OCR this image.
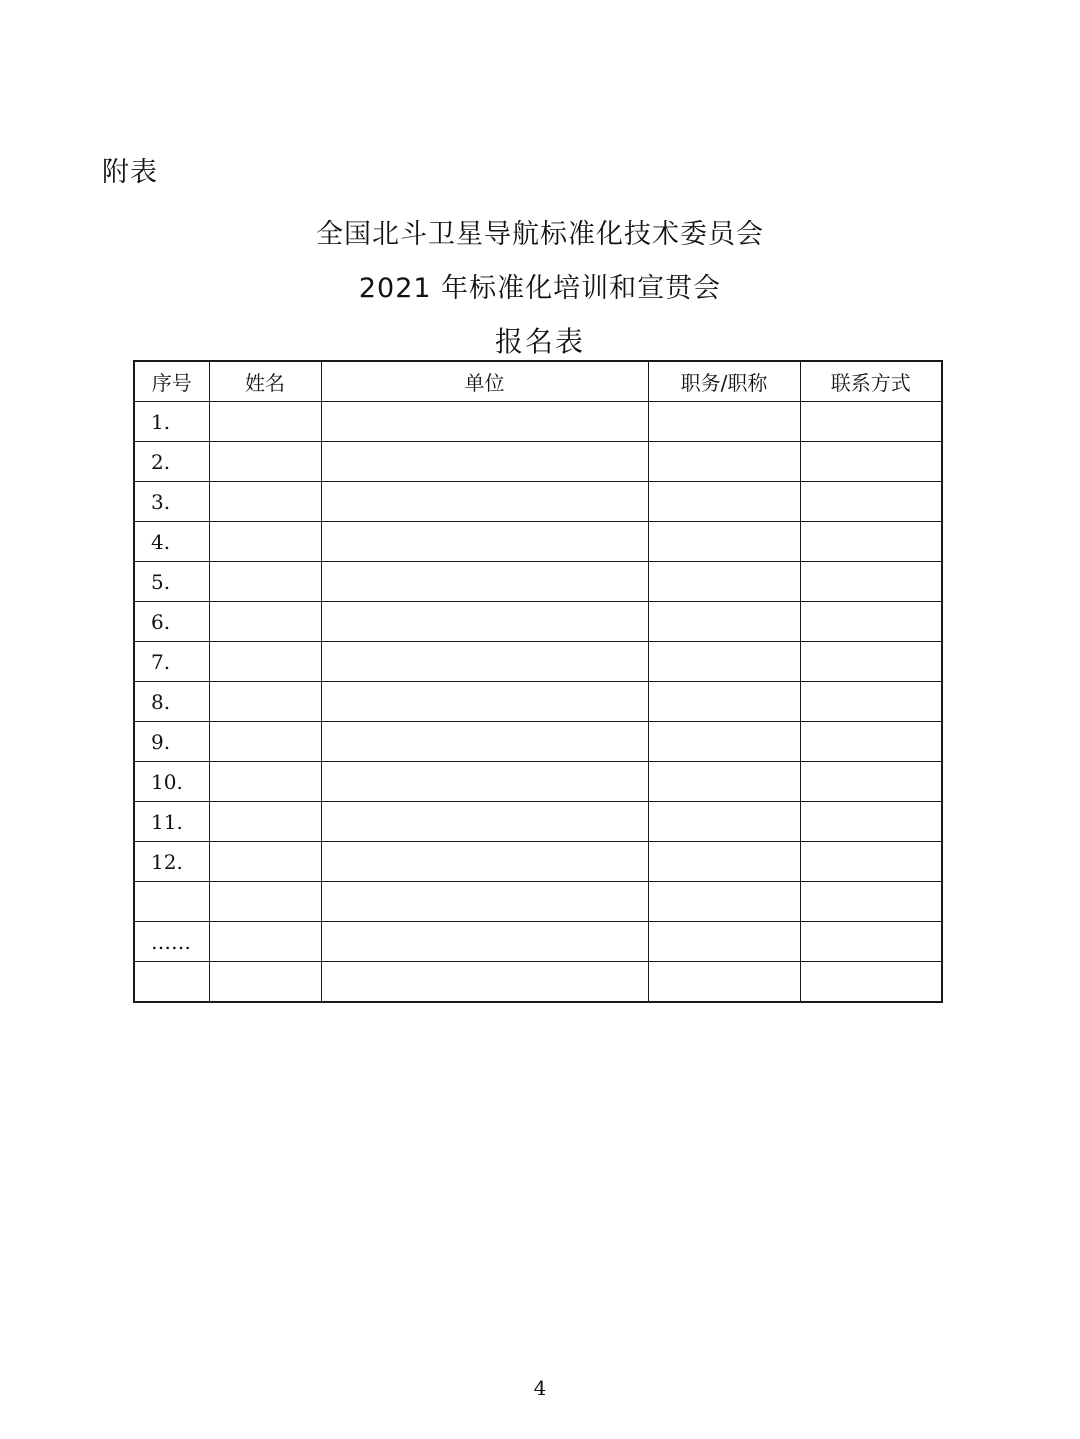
附表
全国北斗卫星导航标准化技术委员会
2021 年标准化培训和宣贯会
报名表
序号	姓名	单位	职务/职称	联系方式
1.				
2.				
3.				
4.				
5.				
6.				
7.				
8.				
9.				
10.				
11.				
12.				

……				

4
